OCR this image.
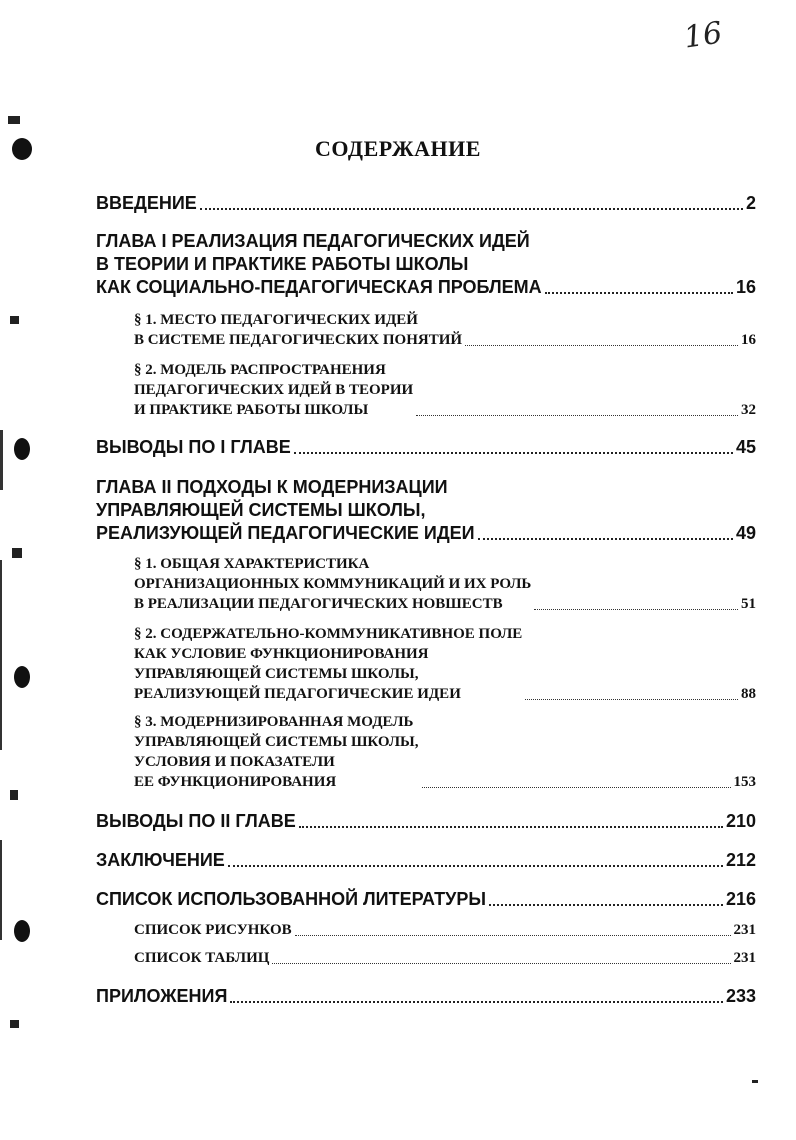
16
СОДЕРЖАНИЕ
ВВЕДЕНИЕ	2
ГЛАВА I РЕАЛИЗАЦИЯ ПЕДАГОГИЧЕСКИХ ИДЕЙ
В ТЕОРИИ И ПРАКТИКЕ РАБОТЫ ШКОЛЫ
КАК СОЦИАЛЬНО-ПЕДАГОГИЧЕСКАЯ ПРОБЛЕМА	16
§ 1. МЕСТО ПЕДАГОГИЧЕСКИХ ИДЕЙ
В СИСТЕМЕ ПЕДАГОГИЧЕСКИХ ПОНЯТИЙ	16
§ 2. МОДЕЛЬ РАСПРОСТРАНЕНИЯ
ПЕДАГОГИЧЕСКИХ ИДЕЙ В ТЕОРИИ
И ПРАКТИКЕ РАБОТЫ ШКОЛЫ	32
ВЫВОДЫ ПО I ГЛАВЕ	45
ГЛАВА II ПОДХОДЫ К МОДЕРНИЗАЦИИ
УПРАВЛЯЮЩЕЙ СИСТЕМЫ ШКОЛЫ,
РЕАЛИЗУЮЩЕЙ ПЕДАГОГИЧЕСКИЕ ИДЕИ	49
§ 1. ОБЩАЯ ХАРАКТЕРИСТИКА
ОРГАНИЗАЦИОННЫХ КОММУНИКАЦИЙ И ИХ РОЛЬ
В РЕАЛИЗАЦИИ ПЕДАГОГИЧЕСКИХ НОВШЕСТВ	51
§ 2. СОДЕРЖАТЕЛЬНО-КОММУНИКАТИВНОЕ ПОЛЕ
КАК УСЛОВИЕ ФУНКЦИОНИРОВАНИЯ
УПРАВЛЯЮЩЕЙ СИСТЕМЫ ШКОЛЫ,
РЕАЛИЗУЮЩЕЙ ПЕДАГОГИЧЕСКИЕ ИДЕИ	88
§ 3. МОДЕРНИЗИРОВАННАЯ МОДЕЛЬ
УПРАВЛЯЮЩЕЙ СИСТЕМЫ ШКОЛЫ,
УСЛОВИЯ И ПОКАЗАТЕЛИ
ЕЕ ФУНКЦИОНИРОВАНИЯ	153
ВЫВОДЫ ПО II ГЛАВЕ	210
ЗАКЛЮЧЕНИЕ	212
СПИСОК ИСПОЛЬЗОВАННОЙ ЛИТЕРАТУРЫ	216
СПИСОК РИСУНКОВ	231
СПИСОК ТАБЛИЦ	231
ПРИЛОЖЕНИЯ	233
